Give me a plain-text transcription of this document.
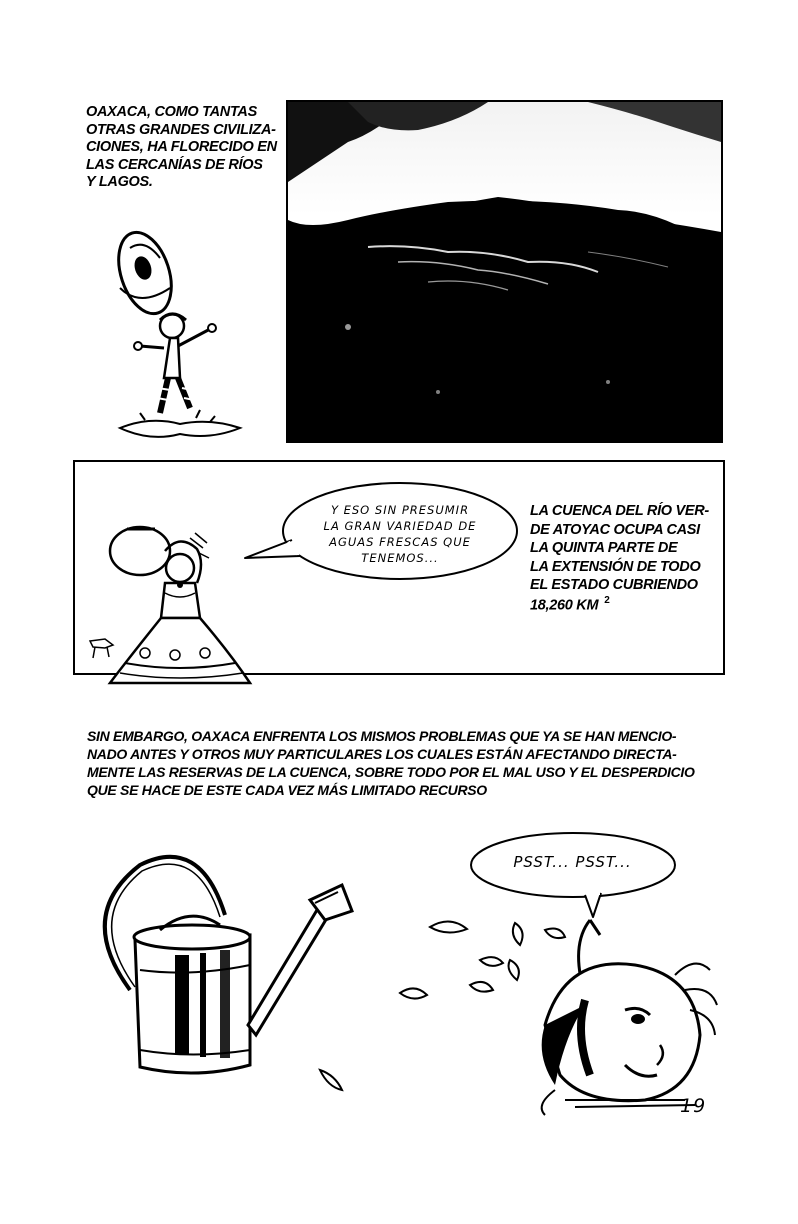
OAXACA, COMO TANTAS
OTRAS GRANDES CIVILIZA-
CIONES, HA FLORECIDO EN
LAS CERCANÍAS DE RÍOS
Y LAGOS.
Y ESO SIN PRESUMIR
LA GRAN VARIEDAD DE
AGUAS FRESCAS QUE
TENEMOS...
LA CUENCA DEL RÍO VER-
DE ATOYAC OCUPA CASI
LA QUINTA PARTE DE
LA EXTENSIÓN DE TODO
EL ESTADO CUBRIENDO
18,260 KM $^2$
SIN EMBARGO, OAXACA ENFRENTA LOS MISMOS PROBLEMAS QUE YA SE HAN MENCIO-
NADO ANTES Y OTROS MUY PARTICULARES LOS CUALES ESTÁN AFECTANDO DIRECTA-
MENTE LAS RESERVAS DE LA CUENCA, SOBRE TODO POR EL MAL USO Y EL DESPERDICIO
QUE SE HACE DE ESTE CADA VEZ MÁS LIMITADO RECURSO
PSST... PSST...
19
